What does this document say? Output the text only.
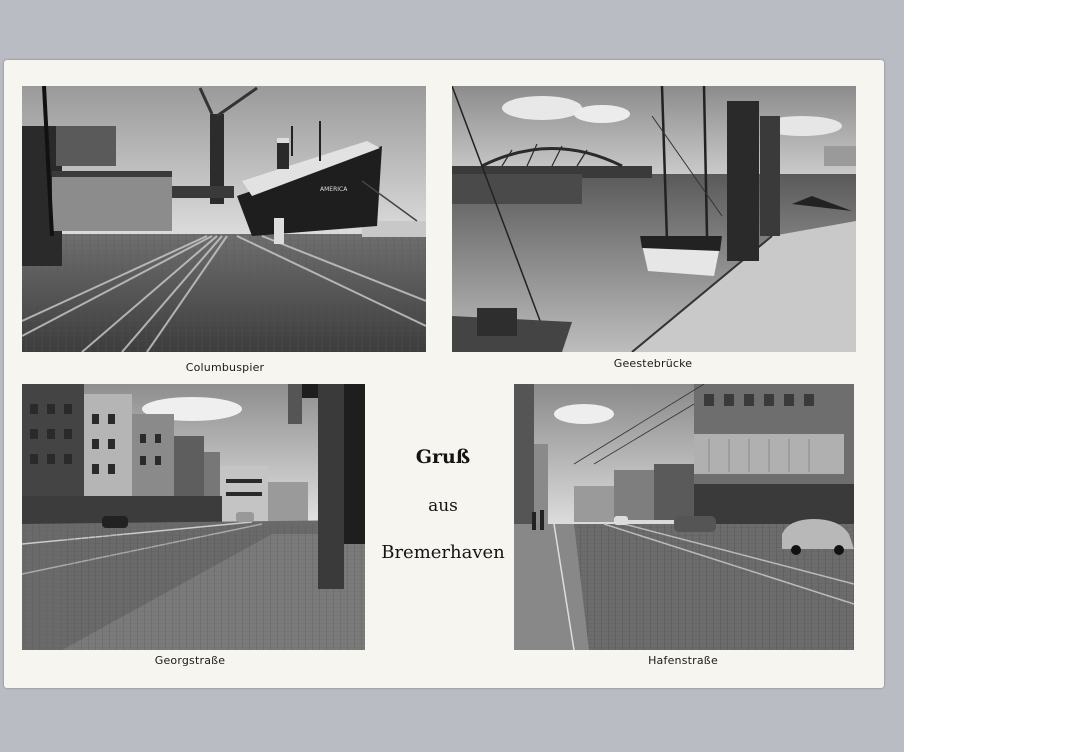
AMERICA
Columbuspier	Geestebrücke
Georgstraße	Hafenstraße
Gruß
aus
Bremerhaven
